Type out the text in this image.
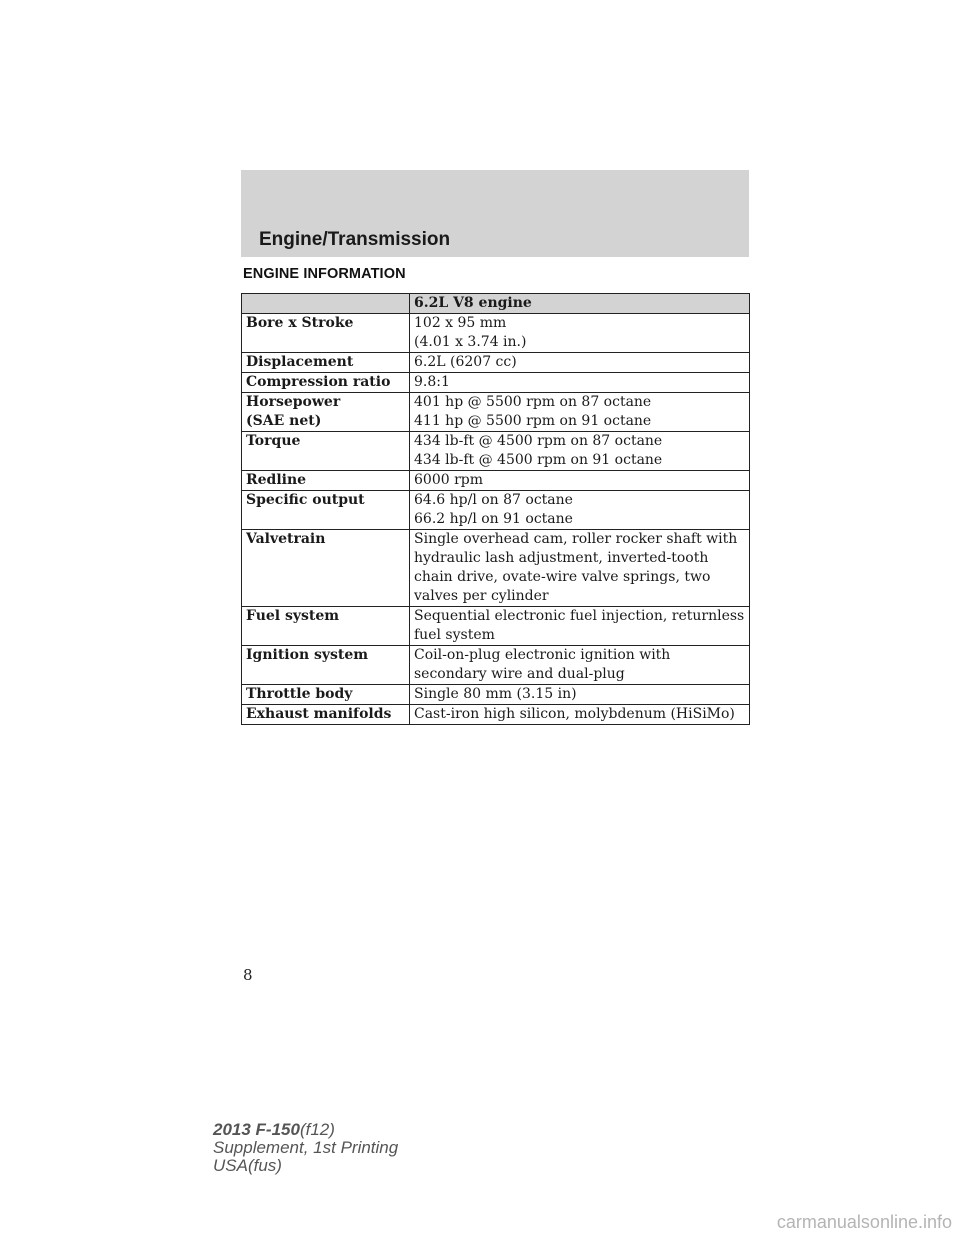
Engine/Transmission
ENGINE INFORMATION
	6.2L V8 engine
Bore x Stroke	102 x 95 mm
(4.01 x 3.74 in.)
Displacement	6.2L (6207 cc)
Compression ratio	9.8:1
Horsepower
(SAE net)	401 hp @ 5500 rpm on 87 octane
411 hp @ 5500 rpm on 91 octane
Torque	434 lb-ft @ 4500 rpm on 87 octane
434 lb-ft @ 4500 rpm on 91 octane
Redline	6000 rpm
Specific output	64.6 hp/l on 87 octane
66.2 hp/l on 91 octane
Valvetrain	Single overhead cam, roller rocker shaft with hydraulic lash adjustment, inverted-tooth chain drive, ovate-wire valve springs, two valves per cylinder
Fuel system	Sequential electronic fuel injection, returnless fuel system
Ignition system	Coil-on-plug electronic ignition with secondary wire and dual-plug
Throttle body	Single 80 mm (3.15 in)
Exhaust manifolds	Cast-iron high silicon, molybdenum (HiSiMo)
8
2013 F-150(f12)
Supplement, 1st Printing
USA(fus)
carmanualsonline.info
